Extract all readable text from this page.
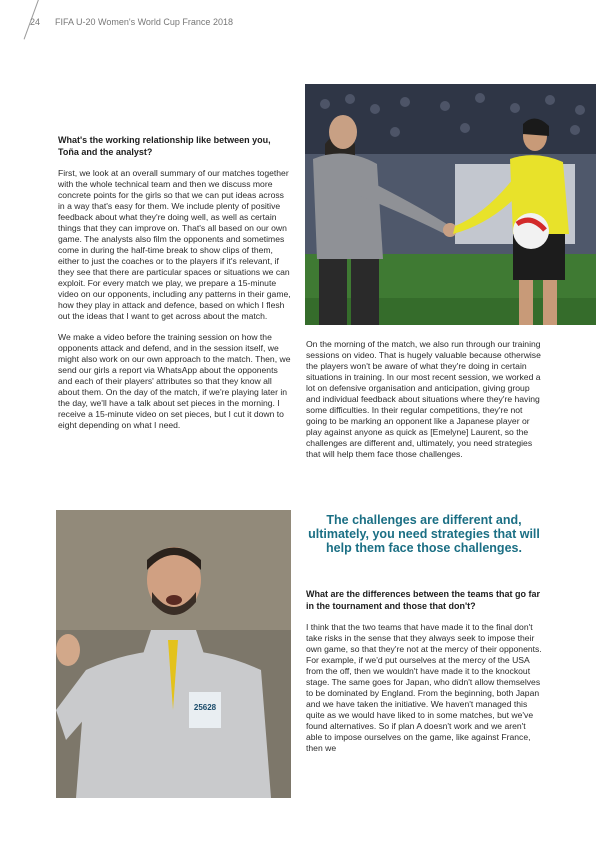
24 FIFA U-20 Women's World Cup France 2018
What's the working relationship like between you, Toña and the analyst?

First, we look at an overall summary of our matches together with the whole technical team and then we discuss more concrete points for the girls so that we can put ideas across in a way that's easy for them. We include plenty of positive feedback about what they're doing well, as well as certain things that they can improve on. That's all based on our own game. The analysts also film the opponents and sometimes come in during the half-time break to show clips of them, either to just the coaches or to the players if it's relevant, if they see that there are particular spaces or situations we can exploit. For every match we play, we prepare a 15-minute video on our opponents, including any patterns in their game, how they play in attack and defence, based on which I flesh out the ideas that I want to get across about the match.

We make a video before the training session on how the opponents attack and defend, and in the session itself, we might also work on our own approach to the match. Then, we send our girls a report via WhatsApp about the opponents and each of their players' attributes so that they know all about them. On the day of the match, if we're playing later in the day, we'll have a talk about set pieces in the morning. I receive a 15-minute video on set pieces, but I cut it down to eight depending on what I need.

On the morning of the match, we also run through our training sessions on video. That is hugely valuable because otherwise the players won't be aware of what they're doing in certain situations in training. In our most recent session, we worked a lot on defensive organisation and anticipation, giving group and individual feedback about situations where they're having some difficulties. In their regular competitions, they're not going to be marking an opponent like a Japanese player or play against anyone as quick as [Emelyne] Laurent, so the challenges are different and, ultimately, you need strategies that will help them face those challenges.

The challenges are different and, ultimately, you need strategies that will help them face those challenges.
What are the differences between the teams that go far in the tournament and those that don't?

I think that the two teams that have made it to the final don't take risks in the sense that they always seek to impose their own game, so that they're not at the mercy of their opponents. For example, if we'd put ourselves at the mercy of the USA from the off, then we wouldn't have made it to the knockout stage. The same goes for Japan, who didn't allow themselves to be dominated by England. From the beginning, both Japan and we have taken the initiative. We haven't managed this quite as we would have liked to in some matches, but we've found alternatives. So if plan A doesn't work and we aren't able to impose ourselves on the game, like against France, then we

25628
